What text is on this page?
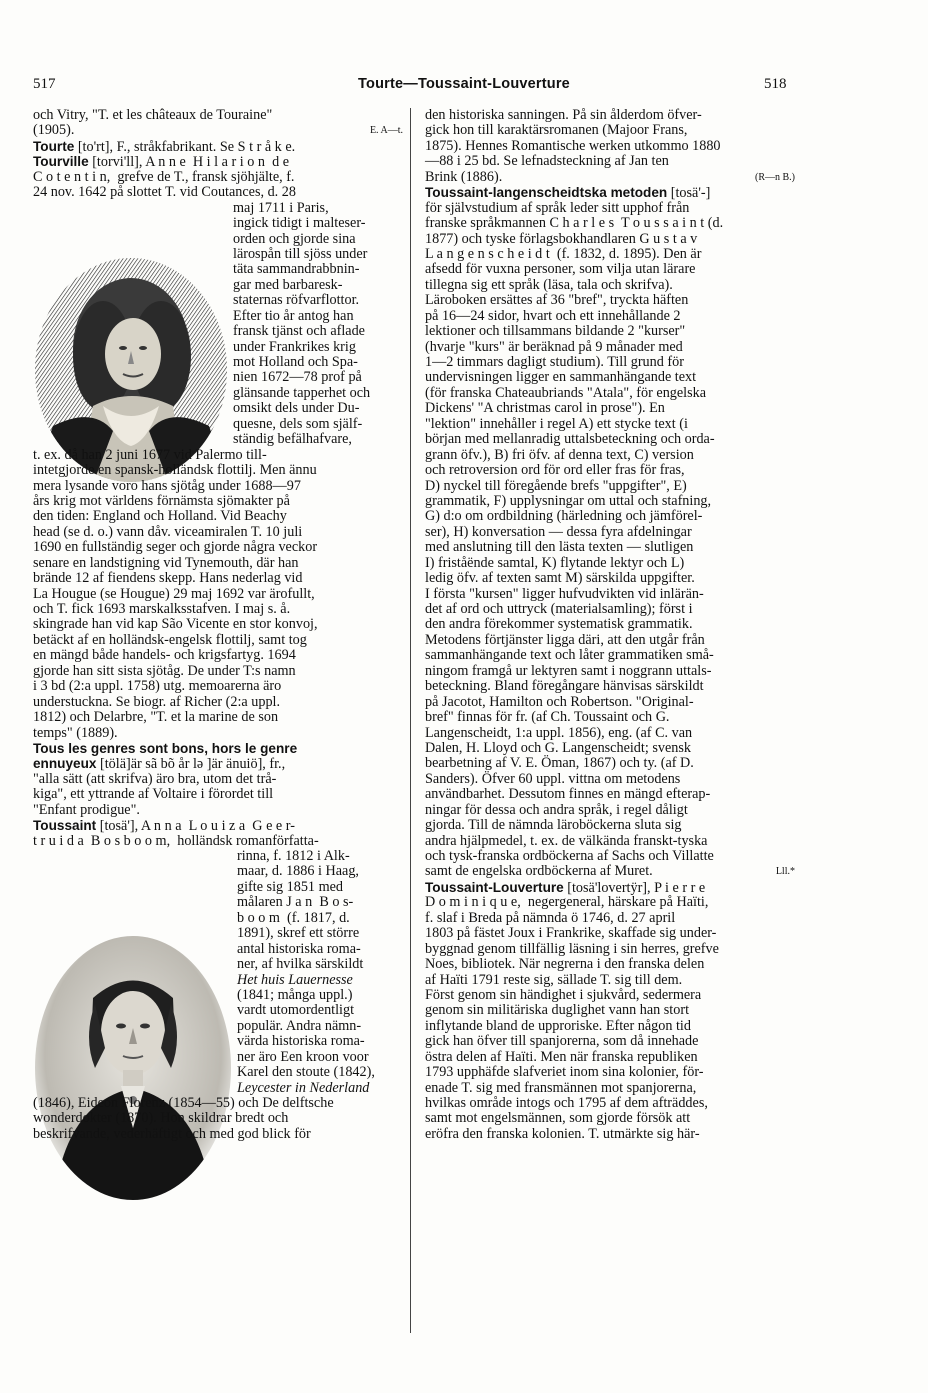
517	Tourte—Toussaint-Louverture	518
och Vitry, "T. et les châteaux de Touraine"
(1905).	E. A—t.
Tourte [to'rt], F., stråkfabrikant. Se S t r å k e.
Tourville [torvi'll], A n n e  H i l a r i o n  d e
C o t e n t i n,  grefve de T., fransk sjöhjälte, f.
24 nov. 1642 på slottet T. vid Coutances, d. 28
maj 1711 i Paris,
ingick tidigt i malteser-
orden och gjorde sina
lärospån till sjöss under
täta sammandrabbnin-
gar med barbaresk-
staternas röfvarflottor.
Efter tio år antog han
fransk tjänst och aflade
under Frankrikes krig
mot Holland och Spa-
nien 1672—78 prof på
glänsande tapperhet och
omsikt dels under Du-
quesne, dels som själf-
ständig befälhafvare,
t. ex. då han 2 juni 1677 vid Palermo till-
intetgjorde en spansk-holländsk flottilj. Men ännu
mera lysande voro hans sjötåg under 1688—97
års krig mot världens förnämsta sjömakter på
den tiden: England och Holland. Vid Beachy
head (se d. o.) vann dåv. viceamiralen T. 10 juli
1690 en fullständig seger och gjorde några veckor
senare en landstigning vid Tynemouth, där han
brände 12 af fiendens skepp. Hans nederlag vid
La Hougue (se Hougue) 29 maj 1692 var ärofullt,
och T. fick 1693 marskalksstafven. I maj s. å.
skingrade han vid kap São Vicente en stor konvoj,
betäckt af en holländsk-engelsk flottilj, samt tog
en mängd både handels- och krigsfartyg. 1694
gjorde han sitt sista sjötåg. De under T:s namn
i 3 bd (2:a uppl. 1758) utg. memoarerna äro
understuckna. Se biogr. af Richer (2:a uppl.
1812) och Delarbre, "T. et la marine de son
temps" (1889).
Tous les genres sont bons, hors le genre
ennuyeux [tölä]är sã bõ år lə ]är änuiö], fr.,
"alla sätt (att skrifva) äro bra, utom det trå-
kiga", ett yttrande af Voltaire i förordet till
"Enfant prodigue".
Toussaint [tosä'], A n n a  L o u i z a  G e e r-
t r u i d a  B o s b o o m,  holländsk romanförfatta-
rinna, f. 1812 i Alk-
maar, d. 1886 i Haag,
gifte sig 1851 med
målaren J a n  B o s-
b o o m  (f. 1817, d.
1891), skref ett större
antal historiska roma-
ner, af hvilka särskildt
Het huis Lauernesse
(1841; många uppl.)
vardt utomordentligt
populär. Andra nämn-
värda historiska roma-
ner äro Een kroon voor
Karel den stoute (1842),
Leycester in Nederland
(1846), Eideon Florenz (1854—55) och De delftsche
wonderdokter (1870). Hon skildrar bredt och
beskrifvande, vederhäftigt och med god blick för
den historiska sanningen. På sin ålderdom öfver-
gick hon till karaktärsromanen (Majoor Frans,
1875). Hennes Romantische werken utkommo 1880
—88 i 25 bd. Se lefnadsteckning af Jan ten
Brink (1886).	(R—n B.)
Toussaint-langenscheidtska metoden [tosä'-]
för självstudium af språk leder sitt upphof från
franske språkmannen C h a r l e s  T o u s s a i n t (d.
1877) och tyske förlagsbokhandlaren G u s t a v
L a n g e n s c h e i d t  (f. 1832, d. 1895). Den är
afsedd för vuxna personer, som vilja utan lärare
tillegna sig ett språk (läsa, tala och skrifva).
Läroboken ersättes af 36 "bref", tryckta häften
på 16—24 sidor, hvart och ett innehållande 2
lektioner och tillsammans bildande 2 "kurser"
(hvarje "kurs" är beräknad på 9 månader med
1—2 timmars dagligt studium). Till grund för
undervisningen ligger en sammanhängande text
(för franska Chateaubriands "Atala", för engelska
Dickens' "A christmas carol in prose"). En
"lektion" innehåller i regel A) ett stycke text (i
början med mellanradig uttalsbeteckning och orda-
grann öfv.), B) fri öfv. af denna text, C) version
och retroversion ord för ord eller fras för fras,
D) nyckel till föregående brefs "uppgifter", E)
grammatik, F) upplysningar om uttal och stafning,
G) d:o om ordbildning (härledning och jämförel-
ser), H) konversation — dessa fyra afdelningar
med anslutning till den lästa texten — slutligen
I) friståënde samtal, K) flytande lektyr och L)
ledig öfv. af texten samt M) särskilda uppgifter.
I första "kursen" ligger hufvudvikten vid inlärän-
det af ord och uttryck (materialsamling); först i
den andra förekommer systematisk grammatik.
Metodens förtjänster ligga däri, att den utgår från
sammanhängande text och låter grammatiken små-
ningom framgå ur lektyren samt i noggrann uttals-
beteckning. Bland föregångare hänvisas särskildt
på Jacotot, Hamilton och Robertson. "Original-
bref" finnas för fr. (af Ch. Toussaint och G.
Langenscheidt, 1:a uppl. 1856), eng. (af C. van
Dalen, H. Lloyd och G. Langenscheidt; svensk
bearbetning af V. E. Öman, 1867) och ty. (af D.
Sanders). Öfver 60 uppl. vittna om metodens
användbarhet. Dessutom finnes en mängd efterap-
ningar för dessa och andra språk, i regel dåligt
gjorda. Till de nämnda läroböckerna sluta sig
andra hjälpmedel, t. ex. de välkända franskt-tyska
och tysk-franska ordböckerna af Sachs och Villatte
samt de engelska ordböckerna af Muret.	Lll.*
Toussaint-Louverture [tosä'lovertÿr], P i e r r e
D o m i n i q u e,  negergeneral, härskare på Haïti,
f. slaf i Breda på nämnda ö 1746, d. 27 april
1803 på fästet Joux i Frankrike, skaffade sig under-
byggnad genom tillfällig läsning i sin herres, grefve
Noes, bibliotek. När negrerna i den franska delen
af Haïti 1791 reste sig, sällade T. sig till dem.
Först genom sin händighet i sjukvård, sedermera
genom sin militäriska duglighet vann han stort
inflytande bland de upproriske. Efter någon tid
gick han öfver till spanjorerna, som då innehade
östra delen af Haïti. Men när franska republiken
1793 upphäfde slafveriet inom sina kolonier, för-
enade T. sig med fransmännen mot spanjorerna,
hvilkas område intogs och 1795 af dem afträddes,
samt mot engelsmännen, som gjorde försök att
eröfra den franska kolonien. T. utmärkte sig här-
